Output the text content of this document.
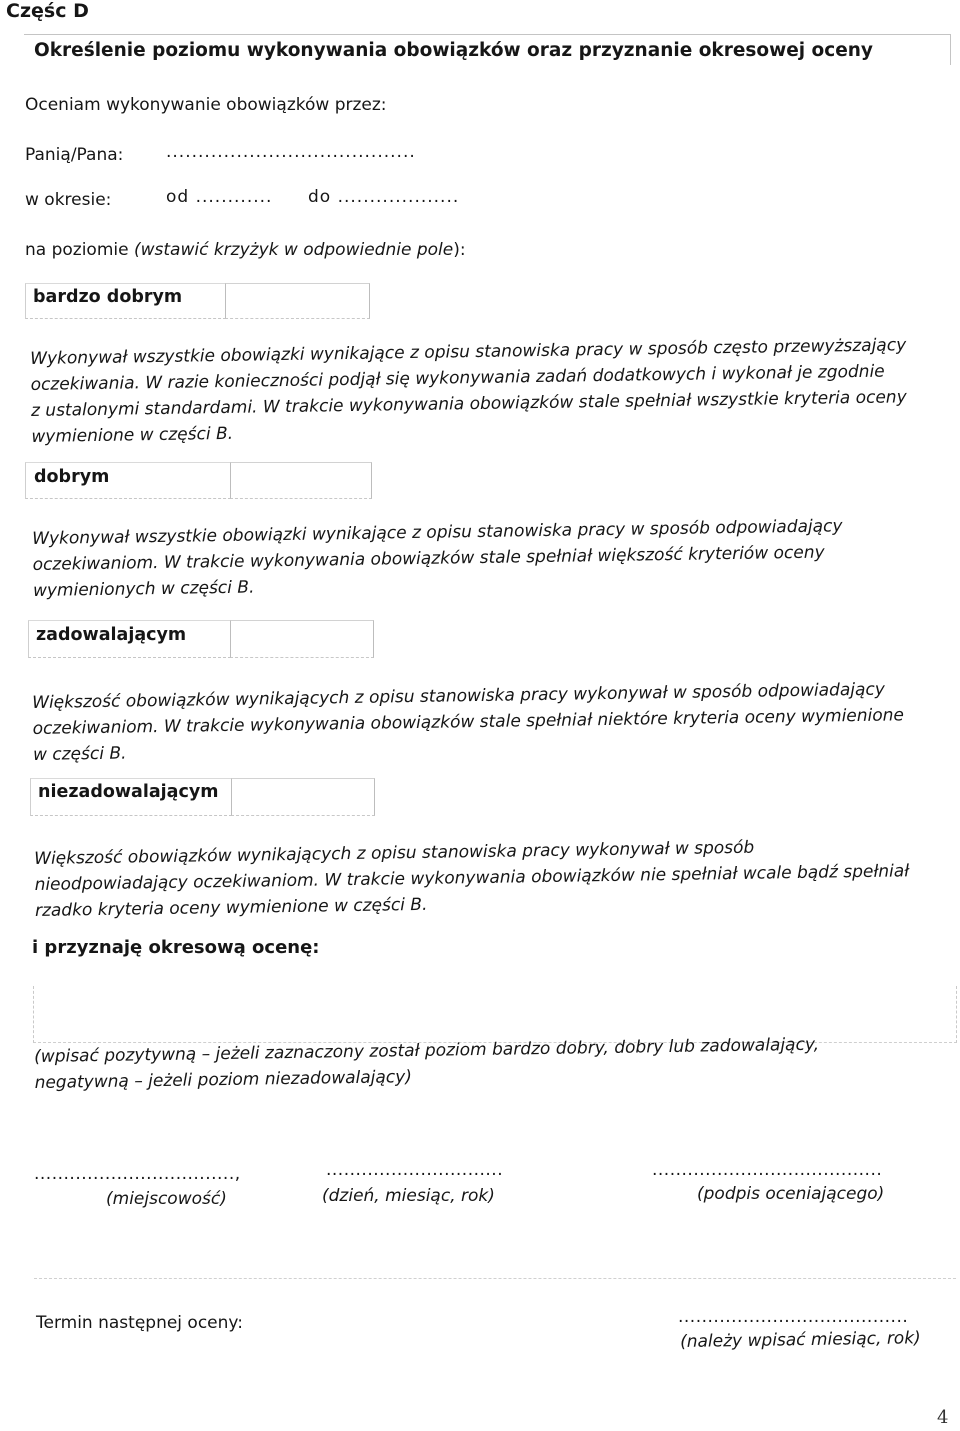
Częśc D
Określenie poziomu wykonywania obowiązków oraz przyznanie okresowej oceny
Oceniam wykonywanie obowiązków przez:
Panią/Pana:	.......................................
w okresie:	od ............ do ...................
na poziomie (wstawić krzyżyk w odpowiednie pole):
bardzo dobrym
Wykonywał wszystkie obowiązki wynikające z opisu stanowiska pracy w sposób często przewyższający
oczekiwania. W razie konieczności podjął się wykonywania zadań dodatkowych i wykonał je zgodnie
z ustalonymi standardami. W trakcie wykonywania obowiązków stale spełniał wszystkie kryteria oceny
wymienione w części B.
dobrym
Wykonywał wszystkie obowiązki wynikające z opisu stanowiska pracy w sposób odpowiadający
oczekiwaniom. W trakcie wykonywania obowiązków stale spełniał większość kryteriów oceny
wymienionych w części B.
zadowalającym
Większość obowiązków wynikających z opisu stanowiska pracy wykonywał w sposób odpowiadający
oczekiwaniom. W trakcie wykonywania obowiązków stale spełniał niektóre kryteria oceny wymienione
w części B.
niezadowalającym
Większość obowiązków wynikających z opisu stanowiska pracy wykonywał w sposób
nieodpowiadający oczekiwaniom. W trakcie wykonywania obowiązków nie spełniał wcale bądź spełniał
rzadko kryteria oceny wymienione w części B.
i przyznaję okresową ocenę:
(wpisać pozytywną – jeżeli zaznaczony został poziom bardzo dobry, dobry lub zadowalający,
negatywną – jeżeli poziom niezadowalający)
..................................,	..............................	.......................................
(miejscowość)	(dzień, miesiąc, rok)	(podpis oceniającego)
Termin następnej oceny:	.......................................
(należy wpisać miesiąc, rok)
4
